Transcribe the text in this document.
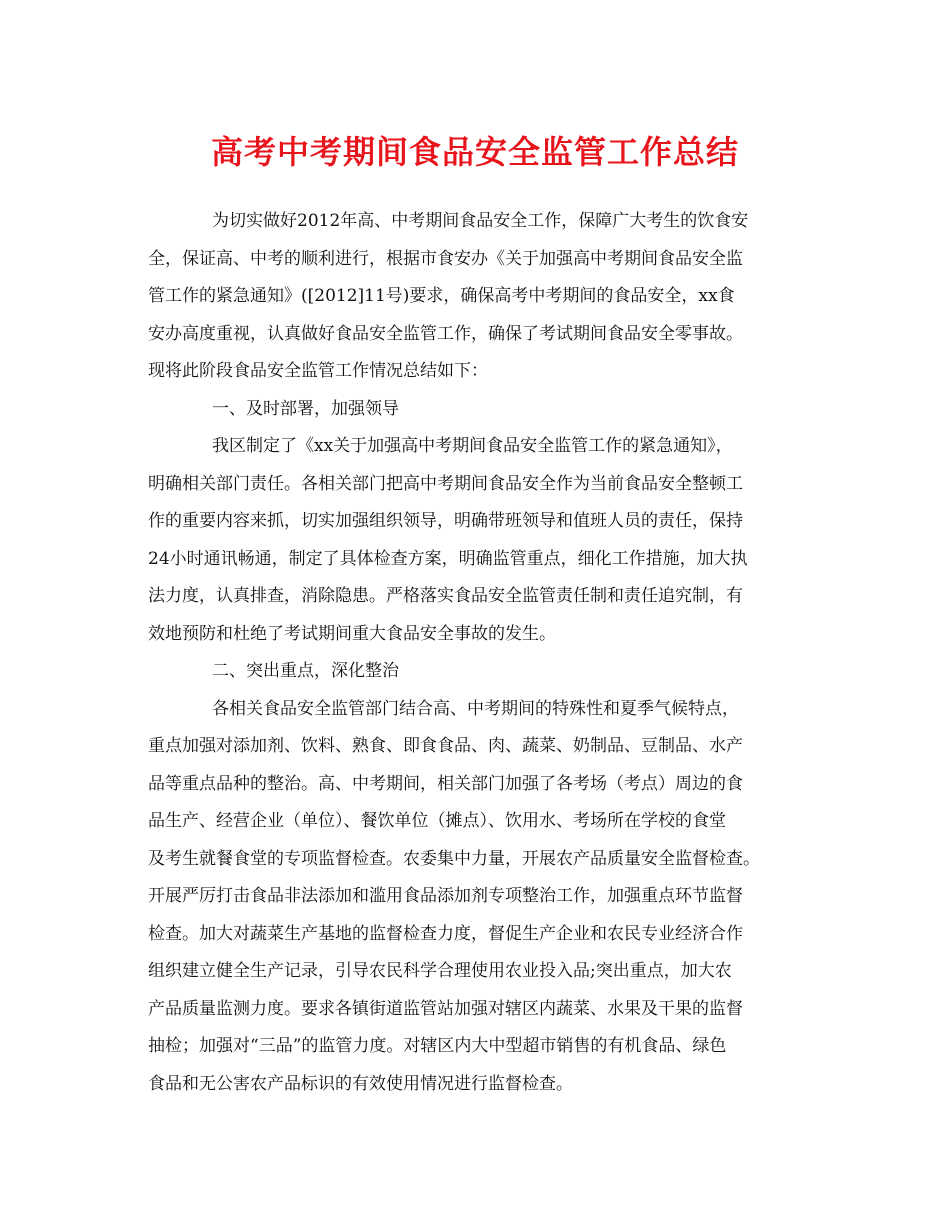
高考中考期间食品安全监管工作总结
为切实做好2012年高、中考期间食品安全工作，保障广大考生的饮食安
全，保证高、中考的顺利进行，根据市食安办《关于加强高中考期间食品安全监
管工作的紧急通知》([2012]11号)要求，确保高考中考期间的食品安全，xx食
安办高度重视，认真做好食品安全监管工作，确保了考试期间食品安全零事故。
现将此阶段食品安全监管工作情况总结如下：
一、及时部署，加强领导
我区制定了《xx关于加强高中考期间食品安全监管工作的紧急通知》，
明确相关部门责任。各相关部门把高中考期间食品安全作为当前食品安全整顿工
作的重要内容来抓，切实加强组织领导，明确带班领导和值班人员的责任，保持
24小时通讯畅通，制定了具体检查方案，明确监管重点，细化工作措施，加大执
法力度，认真排查，消除隐患。严格落实食品安全监管责任制和责任追究制，有
效地预防和杜绝了考试期间重大食品安全事故的发生。
二、突出重点，深化整治
各相关食品安全监管部门结合高、中考期间的特殊性和夏季气候特点，
重点加强对添加剂、饮料、熟食、即食食品、肉、蔬菜、奶制品、豆制品、水产
品等重点品种的整治。高、中考期间，相关部门加强了各考场（考点）周边的食
品生产、经营企业（单位）、餐饮单位（摊点）、饮用水、考场所在学校的食堂
及考生就餐食堂的专项监督检查。农委集中力量，开展农产品质量安全监督检查。
开展严厉打击食品非法添加和滥用食品添加剂专项整治工作，加强重点环节监督
检查。加大对蔬菜生产基地的监督检查力度，督促生产企业和农民专业经济合作
组织建立健全生产记录，引导农民科学合理使用农业投入品;突出重点，加大农
产品质量监测力度。要求各镇街道监管站加强对辖区内蔬菜、水果及干果的监督
抽检；加强对“三品”的监管力度。对辖区内大中型超市销售的有机食品、绿色
食品和无公害农产品标识的有效使用情况进行监督检查。
